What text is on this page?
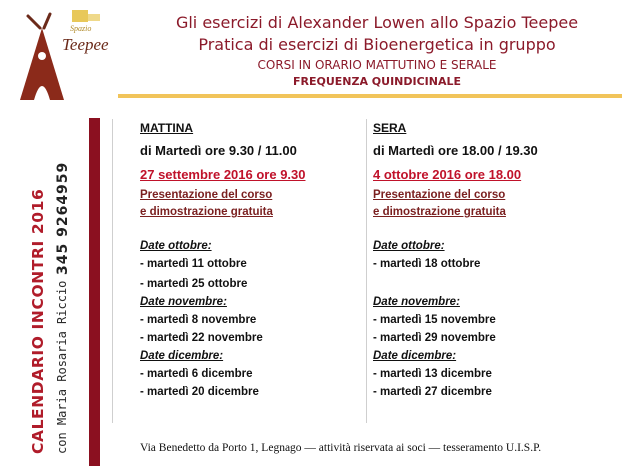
Spazio
Teepee
Gli esercizi di Alexander Lowen allo Spazio Teepee
Pratica di esercizi di Bioenergetica in gruppo
CORSI IN ORARIO MATTUTINO E SERALE
FREQUENZA QUINDICINALE
CALENDARIO INCONTRI 2016 con Maria Rosaria Riccio
345 9264959
MATTINA
di Martedì ore 9.30 / 11.00
27 settembre 2016 ore 9.30
Presentazione del corso
e dimostrazione gratuita
Date ottobre:
- martedì 11 ottobre
- martedì 25 ottobre
Date novembre:
- martedì 8 novembre
- martedì 22 novembre
Date dicembre:
- martedì 6 dicembre
- martedì 20 dicembre
SERA
di Martedì ore 18.00 / 19.30
4 ottobre 2016 ore 18.00
Presentazione del corso
e dimostrazione gratuita
Date ottobre:
- martedì 18 ottobre
Date novembre:
- martedì 15 novembre
- martedì 29 novembre
Date dicembre:
- martedì 13 dicembre
- martedì 27 dicembre
Via Benedetto da Porto 1, Legnago — attività riservata ai soci — tesseramento U.I.S.P.
